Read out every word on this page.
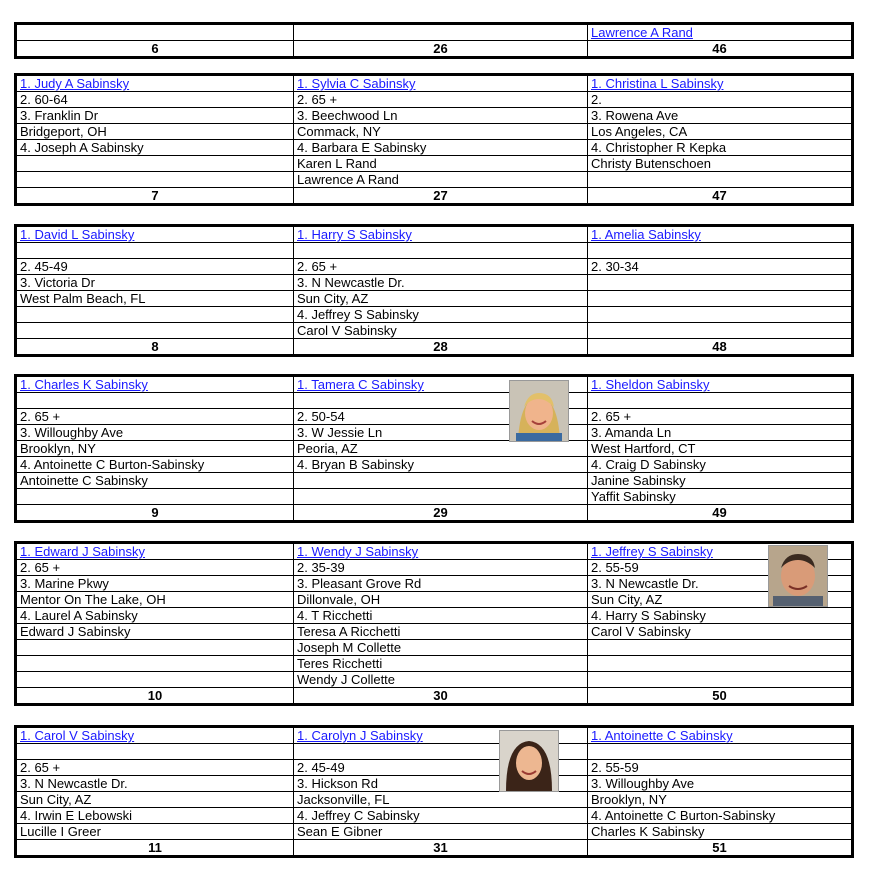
		Lawrence A Rand
6	26	46
1. Judy A Sabinsky	1. Sylvia C Sabinsky	1. Christina L Sabinsky
2. 60-64	2. 65 +	2.
3. Franklin Dr	3. Beechwood Ln	3. Rowena Ave
Bridgeport, OH	Commack, NY	Los Angeles, CA
4. Joseph A Sabinsky	4. Barbara E Sabinsky	4. Christopher R Kepka
	Karen L Rand	Christy Butenschoen
	Lawrence A Rand	
7	27	47
1. David L Sabinsky	1. Harry S Sabinsky	1. Amelia Sabinsky

2. 45-49	2. 65 +	2. 30-34
3. Victoria Dr	3. N Newcastle Dr.	
West Palm Beach, FL	Sun City, AZ	
	4. Jeffrey S Sabinsky	
	Carol V Sabinsky	
8	28	48
1. Charles K Sabinsky	1. Tamera C Sabinsky	1. Sheldon Sabinsky

2. 65 +	2. 50-54	2. 65 +
3. Willoughby Ave	3. W Jessie Ln	3. Amanda Ln
Brooklyn, NY	Peoria, AZ	West Hartford, CT
4. Antoinette C Burton-Sabinsky	4. Bryan B Sabinsky	4. Craig D Sabinsky
Antoinette C Sabinsky		Janine Sabinsky
		Yaffit Sabinsky
9	29	49
1. Edward J Sabinsky	1. Wendy J Sabinsky	1. Jeffrey S Sabinsky
2. 65 +	2. 35-39	2. 55-59
3. Marine Pkwy	3. Pleasant Grove Rd	3. N Newcastle Dr.
Mentor On The Lake, OH	Dillonvale, OH	Sun City, AZ
4. Laurel A Sabinsky	4. T Ricchetti	4. Harry S Sabinsky
Edward J Sabinsky	Teresa A Ricchetti	Carol V Sabinsky
	Joseph M Collette	
	Teres Ricchetti	
	Wendy J Collette	
10	30	50
1. Carol V Sabinsky	1. Carolyn J Sabinsky	1. Antoinette C Sabinsky

2. 65 +	2. 45-49	2. 55-59
3. N Newcastle Dr.	3. Hickson Rd	3. Willoughby Ave
Sun City, AZ	Jacksonville, FL	Brooklyn, NY
4. Irwin E Lebowski	4. Jeffrey C Sabinsky	4. Antoinette C Burton-Sabinsky
Lucille I Greer	Sean E Gibner	Charles K Sabinsky
11	31	51
